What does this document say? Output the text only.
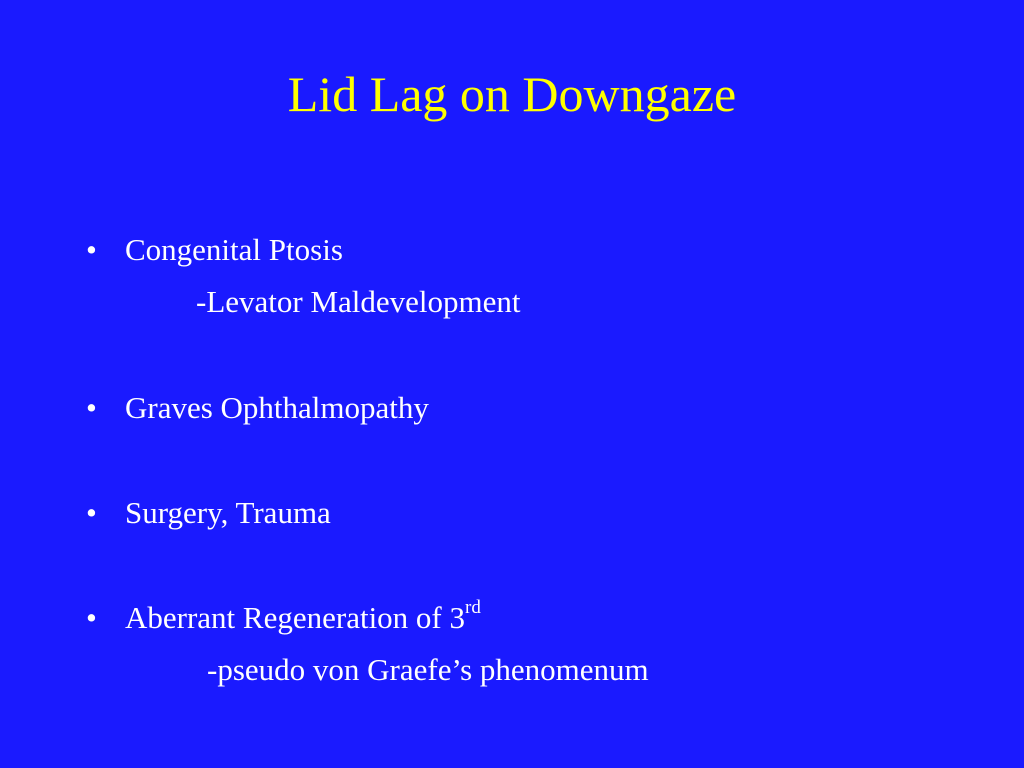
Lid Lag on Downgaze
• Congenital Ptosis
-Levator Maldevelopment
• Graves Ophthalmopathy
• Surgery, Trauma
• Aberrant Regeneration of 3rd
-pseudo von Graefe’s phenomenum
